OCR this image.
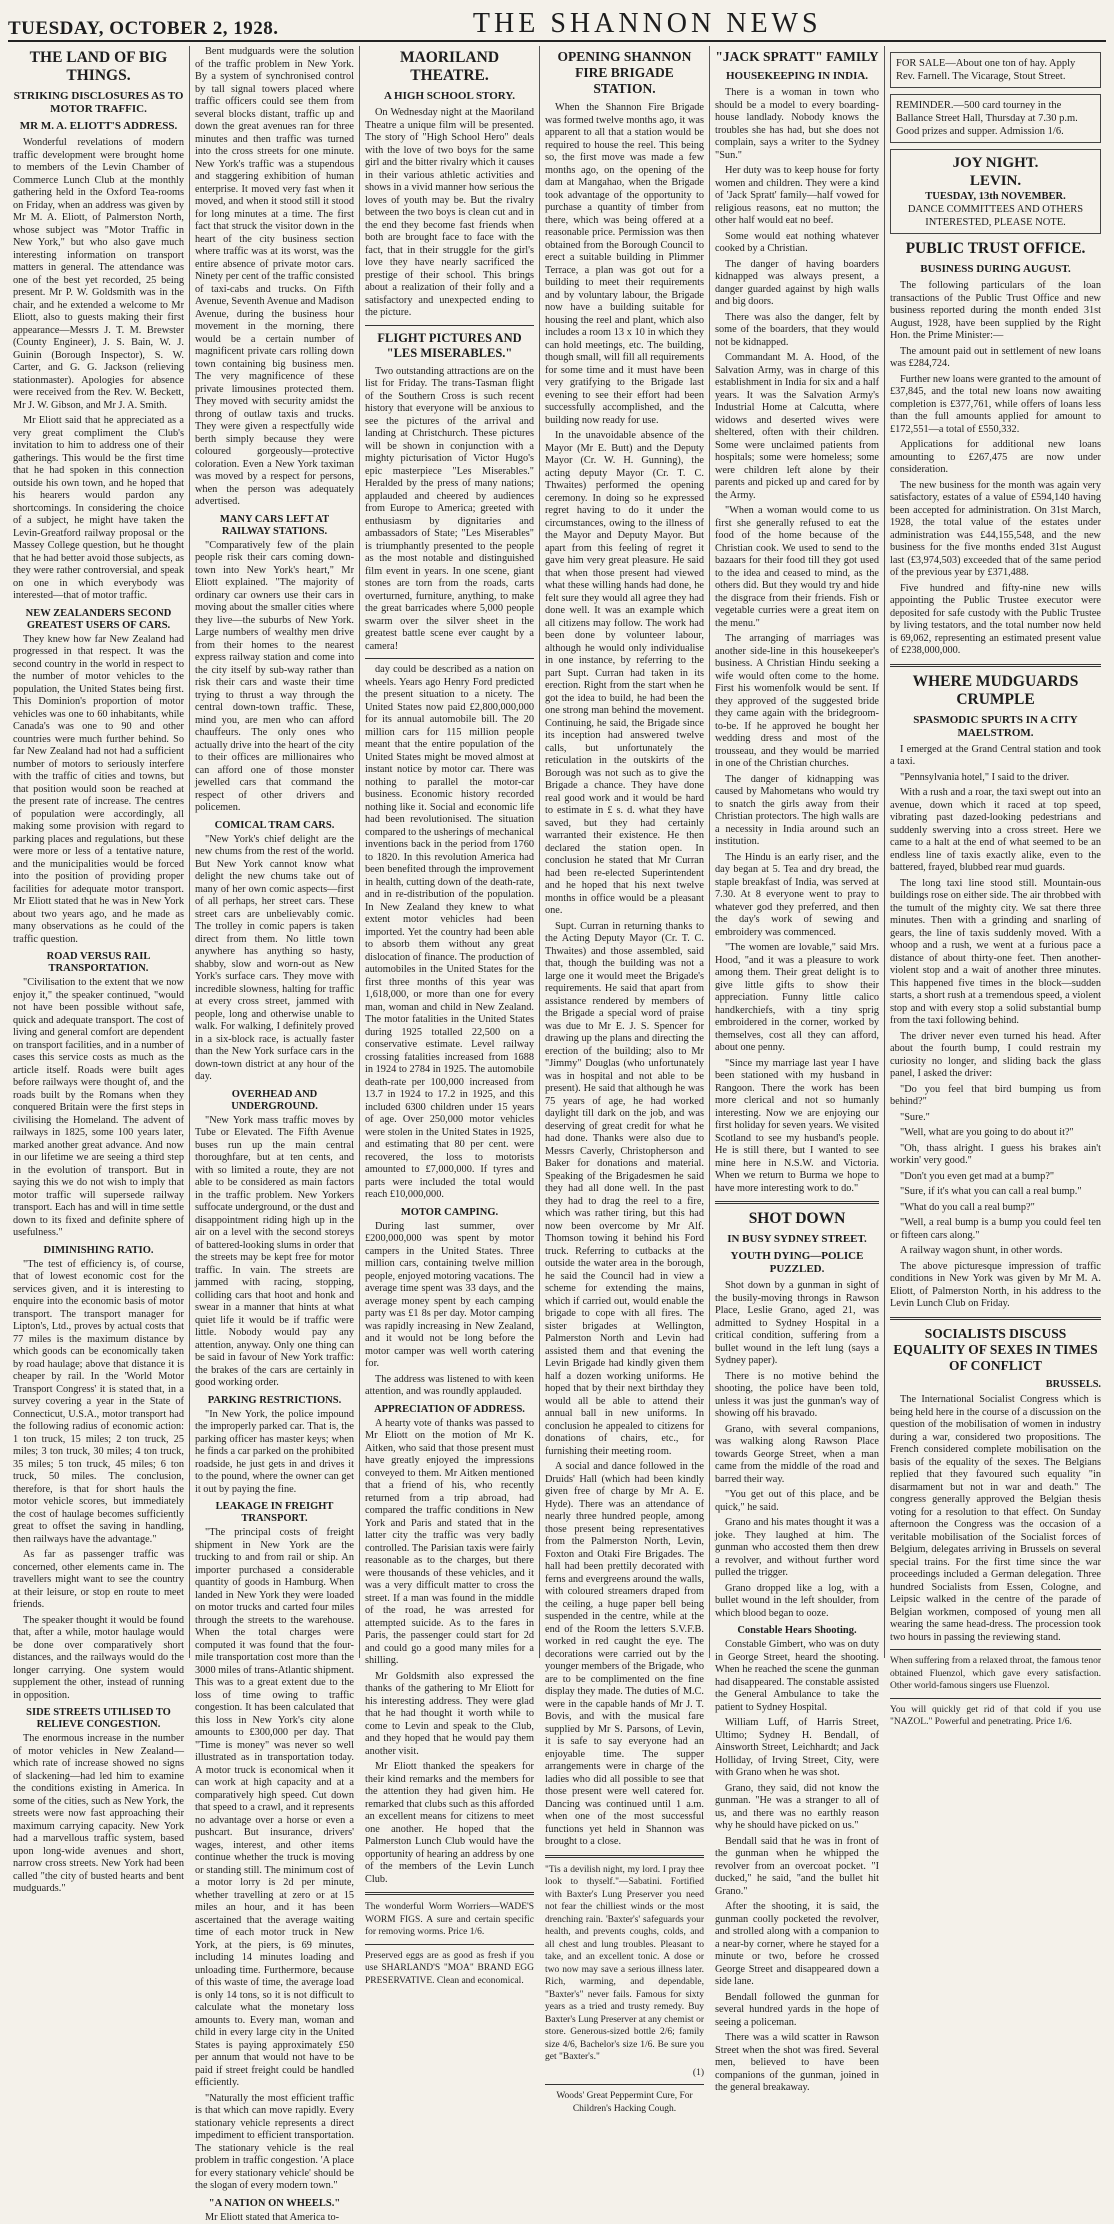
TUESDAY, OCTOBER 2, 1928.	THE SHANNON NEWS
THE LAND OF BIG THINGS.
STRIKING DISCLOSURES AS TO MOTOR TRAFFIC.
MR M. A. ELIOTT'S ADDRESS.

Wonderful revelations of modern traffic development were brought home to members of the Levin Chamber of Commerce Lunch Club at the monthly gathering held in the Oxford Tea-rooms on Friday, when an address was given by Mr M. A. Eliott, of Palmerston North, whose subject was "Motor Traffic in New York," but who also gave much interesting information on transport matters in general. The attendance was one of the best yet recorded, 25 being present. Mr P. W. Goldsmith was in the chair, and he extended a welcome to Mr Eliott, also to guests making their first appearance—Messrs J. T. M. Brewster (County Engineer), J. S. Bain, W. J. Guinin (Borough Inspector), S. W. Carter, and G. G. Jackson (relieving stationmaster). Apologies for absence were received from the Rev. W. Beckett, Mr J. W. Gibson, and Mr J. A. Smith.

Mr Eliott said that he appreciated as a very great compliment the Club's invitation to him to address one of their gatherings. This would be the first time that he had spoken in this connection outside his own town, and he hoped that his hearers would pardon any shortcomings. In considering the choice of a subject, he might have taken the Levin-Greatford railway proposal or the Massey College question, but he thought that he had better avoid those subjects, as they were rather controversial, and speak on one in which everybody was interested—that of motor traffic.

NEW ZEALANDERS SECOND GREATEST USERS OF CARS.

They knew how far New Zealand had progressed in that respect. It was the second country in the world in respect to the number of motor vehicles to the population, the United States being first. This Dominion's proportion of motor vehicles was one to 60 inhabitants, while Canada's was one to 90 and other countries were much further behind. So far New Zealand had not had a sufficient number of motors to seriously interfere with the traffic of cities and towns, but that position would soon be reached at the present rate of increase. The centres of population were accordingly, all making some provision with regard to parking places and regulations, but these were more or less of a tentative nature, and the municipalities would be forced into the position of providing proper facilities for adequate motor transport. Mr Eliott stated that he was in New York about two years ago, and he made as many observations as he could of the traffic question.

ROAD VERSUS RAIL TRANSPORTATION.

"Civilisation to the extent that we now enjoy it," the speaker continued, "would not have been possible without safe, quick and adequate transport. The cost of living and general comfort are dependent on transport facilities, and in a number of cases this service costs as much as the article itself. Roads were built ages before railways were thought of, and the roads built by the Romans when they conquered Britain were the first steps in civilising the Homeland. The advent of railways in 1825, some 100 years later, marked another great advance. And now in our lifetime we are seeing a third step in the evolution of transport. But in saying this we do not wish to imply that motor traffic will supersede railway transport. Each has and will in time settle down to its fixed and definite sphere of usefulness."

DIMINISHING RATIO.

"The test of efficiency is, of course, that of lowest economic cost for the services given, and it is interesting to enquire into the economic basis of motor transport. The transport manager for Lipton's, Ltd., proves by actual costs that 77 miles is the maximum distance by which goods can be economically taken by road haulage; above that distance it is cheaper by rail. In the 'World Motor Transport Congress' it is stated that, in a survey covering a year in the State of Connecticut, U.S.A., motor transport had the following radius of economic action: 1 ton truck, 15 miles; 2 ton truck, 25 miles; 3 ton truck, 30 miles; 4 ton truck, 35 miles; 5 ton truck, 45 miles; 6 ton truck, 50 miles. The conclusion, therefore, is that for short hauls the motor vehicle scores, but immediately the cost of haulage becomes sufficiently great to offset the saving in handling, then railways have the advantage."

As far as passenger traffic was concerned, other elements came in. The travellers might want to see the country at their leisure, or stop en route to meet friends.

The speaker thought it would be found that, after a while, motor haulage would be done over comparatively short distances, and the railways would do the longer carrying. One system would supplement the other, instead of running in opposition.

SIDE STREETS UTILISED TO RELIEVE CONGESTION.

The enormous increase in the number of motor vehicles in New Zealand—which rate of increase showed no signs of slackening—had led him to examine the conditions existing in America. In some of the cities, such as New York, the streets were now fast approaching their maximum carrying capacity. New York had a marvellous traffic system, based upon long-wide avenues and short, narrow cross streets. New York had been called "the city of busted hearts and bent mudguards."

Bent mudguards were the solution of the traffic problem in New York. By a system of synchronised control by tall signal towers placed where traffic officers could see them from several blocks distant, traffic up and down the great avenues ran for three minutes and then traffic was turned into the cross streets for one minute. New York's traffic was a stupendous and staggering exhibition of human enterprise. It moved very fast when it moved, and when it stood still it stood for long minutes at a time. The first fact that struck the visitor down in the heart of the city business section where traffic was at its worst, was the entire absence of private motor cars. Ninety per cent of the traffic consisted of taxi-cabs and trucks. On Fifth Avenue, Seventh Avenue and Madison Avenue, during the business hour movement in the morning, there would be a certain number of magnificent private cars rolling down town containing big business men. The very magnificence of these private limousines protected them. They moved with security amidst the throng of outlaw taxis and trucks. They were given a respectfully wide berth simply because they were coloured gorgeously—protective coloration. Even a New York taximan was moved by a respect for persons, when the person was adequately advertised.

MANY CARS LEFT AT RAILWAY STATIONS.

"Comparatively few of the plain people risk their cars coming down-town into New York's heart," Mr Eliott explained. "The majority of ordinary car owners use their cars in moving about the smaller cities where they live—the suburbs of New York. Large numbers of wealthy men drive from their homes to the nearest express railway station and come into the city itself by sub-way rather than risk their cars and waste their time trying to thrust a way through the central down-town traffic. These, mind you, are men who can afford chauffeurs. The only ones who actually drive into the heart of the city to their offices are millionaires who can afford one of those monster jewelled cars that command the respect of other drivers and policemen.

COMICAL TRAM CARS.

"New York's chief delight are the new chums from the rest of the world. But New York cannot know what delight the new chums take out of many of her own comic aspects—first of all perhaps, her street cars. These street cars are unbelievably comic. The trolley in comic papers is taken direct from them. No little town anywhere has anything so hasty, shabby, slow and worn-out as New York's surface cars. They move with incredible slowness, halting for traffic at every cross street, jammed with people, long and otherwise unable to walk. For walking, I definitely proved in a six-block race, is actually faster than the New York surface cars in the down-town district at any hour of the day.

OVERHEAD AND UNDERGROUND.

"New York mass traffic moves by Tube or Elevated. The Fifth Avenue buses run up the main central thoroughfare, but at ten cents, and with so limited a route, they are not able to be considered as main factors in the traffic problem. New Yorkers suffocate underground, or the dust and disappointment riding high up in the air on a level with the second storeys of battered-looking slums in order that the streets may be kept free for motor traffic. In vain. The streets are jammed with racing, stopping, colliding cars that hoot and honk and swear in a manner that hints at what quiet life it would be if traffic were little. Nobody would pay any attention, anyway. Only one thing can be said in favour of New York traffic: the brakes of the cars are certainly in good working order.

PARKING RESTRICTIONS.

"In New York, the police impound the improperly parked car. That is, the parking officer has master keys; when he finds a car parked on the prohibited roadside, he just gets in and drives it to the pound, where the owner can get it out by paying the fine.

LEAKAGE IN FREIGHT TRANSPORT.

"The principal costs of freight shipment in New York are the trucking to and from rail or ship. An importer purchased a considerable quantity of goods in Hamburg. When landed in New York they were loaded on motor trucks and carted four miles through the streets to the warehouse. When the total charges were computed it was found that the four-mile transportation cost more than the 3000 miles of trans-Atlantic shipment. This was to a great extent due to the loss of time owing to traffic congestion. It has been calculated that this loss in New York's city alone amounts to £300,000 per day. That "Time is money" was never so well illustrated as in transportation today. A motor truck is economical when it can work at high capacity and at a comparatively high speed. Cut down that speed to a crawl, and it represents no advantage over a horse or even a pushcart. But insurance, drivers' wages, interest, and other items continue whether the truck is moving or standing still. The minimum cost of a motor lorry is 2d per minute, whether travelling at zero or at 15 miles an hour, and it has been ascertained that the average waiting time of each motor truck in New York, at the piers, is 69 minutes, including 14 minutes loading and unloading time. Furthermore, because of this waste of time, the average load is only 14 tons, so it is not difficult to calculate what the monetary loss amounts to. Every man, woman and child in every large city in the United States is paying approximately £50 per annum that would not have to be paid if street freight could be handled efficiently.

"Naturally the most efficient traffic is that which can move rapidly. Every stationary vehicle represents a direct impediment to efficient transportation. The stationary vehicle is the real problem in traffic congestion. 'A place for every stationary vehicle' should be the slogan of every modern town."

"A NATION ON WHEELS."

Mr Eliott stated that America to-

MAORILAND THEATRE.
A HIGH SCHOOL STORY.

On Wednesday night at the Maoriland Theatre a unique film will be presented. The story of "High School Hero" deals with the love of two boys for the same girl and the bitter rivalry which it causes in their various athletic activities and shows in a vivid manner how serious the loves of youth may be. But the rivalry between the two boys is clean cut and in the end they become fast friends when both are brought face to face with the fact, that in their struggle for the girl's love they have nearly sacrificed the prestige of their school. This brings about a realization of their folly and a satisfactory and unexpected ending to the picture.

FLIGHT PICTURES AND "LES MISERABLES."

Two outstanding attractions are on the list for Friday. The trans-Tasman flight of the Southern Cross is such recent history that everyone will be anxious to see the pictures of the arrival and landing at Christchurch. These pictures will be shown in conjunction with a mighty picturisation of Victor Hugo's epic masterpiece "Les Miserables." Heralded by the press of many nations; applauded and cheered by audiences from Europe to America; greeted with enthusiasm by dignitaries and ambassadors of State; "Les Miserables" is triumphantly presented to the people as the most notable and distinguished film event in years. In one scene, giant stones are torn from the roads, carts overturned, furniture, anything, to make the great barricades where 5,000 people swarm over the silver sheet in the greatest battle scene ever caught by a camera!

day could be described as a nation on wheels. Years ago Henry Ford predicted the present situation to a nicety. The United States now paid £2,800,000,000 for its annual automobile bill. The 20 million cars for 115 million people meant that the entire population of the United States might be moved almost at instant notice by motor car. There was nothing to parallel the motor-car business. Economic history recorded nothing like it. Social and economic life had been revolutionised. The situation compared to the usherings of mechanical inventions back in the period from 1760 to 1820. In this revolution America had been benefited through the improvement in health, cutting down of the death-rate, and in re-distribution of the population. In New Zealand they knew to what extent motor vehicles had been imported. Yet the country had been able to absorb them without any great dislocation of finance. The production of automobiles in the United States for the first three months of this year was 1,618,000, or more than one for every man, woman and child in New Zealand. The motor fatalities in the United States during 1925 totalled 22,500 on a conservative estimate. Level railway crossing fatalities increased from 1688 in 1924 to 2784 in 1925. The automobile death-rate per 100,000 increased from 13.7 in 1924 to 17.2 in 1925, and this included 6300 children under 15 years of age. Over 250,000 motor vehicles were stolen in the United States in 1925, and estimating that 80 per cent. were recovered, the loss to motorists amounted to £7,000,000. If tyres and parts were included the total would reach £10,000,000.

MOTOR CAMPING.

During last summer, over £200,000,000 was spent by motor campers in the United States. Three million cars, containing twelve million people, enjoyed motoring vacations. The average time spent was 33 days, and the average money spent by each camping party was £1 8s per day. Motor camping was rapidly increasing in New Zealand, and it would not be long before the motor camper was well worth catering for.

The address was listened to with keen attention, and was roundly applauded.

APPRECIATION OF ADDRESS.

A hearty vote of thanks was passed to Mr Eliott on the motion of Mr K. Aitken, who said that those present must have greatly enjoyed the impressions conveyed to them. Mr Aitken mentioned that a friend of his, who recently returned from a trip abroad, had compared the traffic conditions in New York and Paris and stated that in the latter city the traffic was very badly controlled. The Parisian taxis were fairly reasonable as to the charges, but there were thousands of these vehicles, and it was a very difficult matter to cross the street. If a man was found in the middle of the road, he was arrested for attempted suicide. As to the fares in Paris, the passenger could start for 2d and could go a good many miles for a shilling.

Mr Goldsmith also expressed the thanks of the gathering to Mr Eliott for his interesting address. They were glad that he had thought it worth while to come to Levin and speak to the Club, and they hoped that he would pay them another visit.

Mr Eliott thanked the speakers for their kind remarks and the members for the attention they had given him. He remarked that clubs such as this afforded an excellent means for citizens to meet one another. He hoped that the Palmerston Lunch Club would have the opportunity of hearing an address by one of the members of the Levin Lunch Club.

The wonderful Worm Worriers—WADE'S WORM FIGS. A sure and certain specific for removing worms. Price 1/6.

Preserved eggs are as good as fresh if you use SHARLAND'S "MOA" BRAND EGG PRESERVATIVE. Clean and economical.

OPENING SHANNON FIRE BRIGADE STATION.

When the Shannon Fire Brigade was formed twelve months ago, it was apparent to all that a station would be required to house the reel. This being so, the first move was made a few months ago, on the opening of the dam at Mangahao, when the Brigade took advantage of the opportunity to purchase a quantity of timber from there, which was being offered at a reasonable price. Permission was then obtained from the Borough Council to erect a suitable building in Plimmer Terrace, a plan was got out for a building to meet their requirements and by voluntary labour, the Brigade now have a building suitable for housing the reel and plant, which also includes a room 13 x 10 in which they can hold meetings, etc. The building, though small, will fill all requirements for some time and it must have been very gratifying to the Brigade last evening to see their effort had been successfully accomplished, and the building now ready for use.

In the unavoidable absence of the Mayor (Mr E. Butt) and the Deputy Mayor (Cr. W. H. Gunning), the acting deputy Mayor (Cr. T. C. Thwaites) performed the opening ceremony. In doing so he expressed regret having to do it under the circumstances, owing to the illness of the Mayor and Deputy Mayor. But apart from this feeling of regret it gave him very great pleasure. He said that when those present had viewed what these willing hands had done, he felt sure they would all agree they had done well. It was an example which all citizens may follow. The work had been done by volunteer labour, although he would only individualise in one instance, by referring to the part Supt. Curran had taken in its erection. Right from the start when he got the idea to build, he had been the one strong man behind the movement. Continuing, he said, the Brigade since its inception had answered twelve calls, but unfortunately the reticulation in the outskirts of the Borough was not such as to give the Brigade a chance. They have done real good work and it would be hard to estimate in £ s. d. what they have saved, but they had certainly warranted their existence. He then declared the station open. In conclusion he stated that Mr Curran had been re-elected Superintendent and he hoped that his next twelve months in office would be a pleasant one.

Supt. Curran in returning thanks to the Acting Deputy Mayor (Cr. T. C. Thwaites) and those assembled, said that, though the building was not a large one it would meet the Brigade's requirements. He said that apart from assistance rendered by members of the Brigade a special word of praise was due to Mr E. J. S. Spencer for drawing up the plans and directing the erection of the building; also to Mr "Jimmy" Douglas (who unfortunately was in hospital and not able to be present). He said that although he was 75 years of age, he had worked daylight till dark on the job, and was deserving of great credit for what he had done. Thanks were also due to Messrs Caverly, Christopherson and Baker for donations and material. Speaking of the Brigadesmen he said they had all done well. In the past they had to drag the reel to a fire, which was rather tiring, but this had now been overcome by Mr Alf. Thomson towing it behind his Ford truck. Referring to cutbacks at the outside the water area in the borough, he said the Council had in view a scheme for extending the mains, which if carried out, would enable the brigade to cope with all fires. The sister brigades at Wellington, Palmerston North and Levin had assisted them and that evening the Levin Brigade had kindly given them half a dozen working uniforms. He hoped that by their next birthday they would all be able to attend their annual ball in new uniforms. In conclusion he appealed to citizens for donations of chairs, etc., for furnishing their meeting room.

A social and dance followed in the Druids' Hall (which had been kindly given free of charge by Mr A. E. Hyde). There was an attendance of nearly three hundred people, among those present being representatives from the Palmerston North, Levin, Foxton and Otaki Fire Brigades. The hall had been prettily decorated with ferns and evergreens around the walls, with coloured streamers draped from the ceiling, a huge paper bell being suspended in the centre, while at the end of the Room the letters S.V.F.B. worked in red caught the eye. The decorations were carried out by the younger members of the Brigade, who are to be complimented on the fine display they made. The duties of M.C. were in the capable hands of Mr J. T. Bovis, and with the musical fare supplied by Mr S. Parsons, of Levin, it is safe to say everyone had an enjoyable time. The supper arrangements were in charge of the ladies who did all possible to see that those present were well catered for. Dancing was continued until 1 a.m. when one of the most successful functions yet held in Shannon was brought to a close.

"Tis a devilish night, my lord. I pray thee look to thyself."—Sabatini. Fortified with Baxter's Lung Preserver you need not fear the chilliest winds or the most drenching rain. 'Baxter's' safeguards your health, and prevents coughs, colds, and all chest and lung troubles. Pleasant to take, and an excellent tonic. A dose or two now may save a serious illness later. Rich, warming, and dependable, "Baxter's" never fails. Famous for sixty years as a tried and trusty remedy. Buy Baxter's Lung Preserver at any chemist or store. Generous-sized bottle 2/6; family size 4/6, Bachelor's size 1/6. Be sure you get "Baxter's."

(1)

Woods' Great Peppermint Cure, For Children's Hacking Cough.

"JACK SPRATT" FAMILY
HOUSEKEEPING IN INDIA.

There is a woman in town who should be a model to every boarding-house landlady. Nobody knows the troubles she has had, but she does not complain, says a writer to the Sydney "Sun."

Her duty was to keep house for forty women and children. They were a kind of 'Jack Spratt' family—half vowed for religious reasons, eat no mutton; the other half would eat no beef.

Some would eat nothing whatever cooked by a Christian.

The danger of having boarders kidnapped was always present, a danger guarded against by high walls and big doors.

There was also the danger, felt by some of the boarders, that they would not be kidnapped.

Commandant M. A. Hood, of the Salvation Army, was in charge of this establishment in India for six and a half years. It was the Salvation Army's Industrial Home at Calcutta, where widows and deserted wives were sheltered, often with their children. Some were unclaimed patients from hospitals; some were homeless; some were children left alone by their parents and picked up and cared for by the Army.

"When a woman would come to us first she generally refused to eat the food of the home because of the Christian cook. We used to send to the bazaars for their food till they got used to the idea and ceased to mind, as the others did. But they would try and hide the disgrace from their friends. Fish or vegetable curries were a great item on the menu."

The arranging of marriages was another side-line in this housekeeper's business. A Christian Hindu seeking a wife would often come to the home. First his womenfolk would be sent. If they approved of the suggested bride they came again with the bridegroom-to-be. If he approved he bought her wedding dress and most of the trousseau, and they would be married in one of the Christian churches.

The danger of kidnapping was caused by Mahometans who would try to snatch the girls away from their Christian protectors. The high walls are a necessity in India around such an institution.

The Hindu is an early riser, and the day began at 5. Tea and dry bread, the staple breakfast of India, was served at 7.30. At 8 everyone went to pray to whatever god they preferred, and then the day's work of sewing and embroidery was commenced.

"The women are lovable," said Mrs. Hood, "and it was a pleasure to work among them. Their great delight is to give little gifts to show their appreciation. Funny little calico handkerchiefs, with a tiny sprig embroidered in the corner, worked by themselves, cost all they can afford, about one penny.

"Since my marriage last year I have been stationed with my husband in Rangoon. There the work has been more clerical and not so humanly interesting. Now we are enjoying our first holiday for seven years. We visited Scotland to see my husband's people. He is still there, but I wanted to see mine here in N.S.W. and Victoria. When we return to Burma we hope to have more interesting work to do."

SHOT DOWN
IN BUSY SYDNEY STREET.
YOUTH DYING—POLICE PUZZLED.

Shot down by a gunman in sight of the busily-moving throngs in Rawson Place, Leslie Grano, aged 21, was admitted to Sydney Hospital in a critical condition, suffering from a bullet wound in the left lung (says a Sydney paper).

There is no motive behind the shooting, the police have been told, unless it was just the gunman's way of showing off his bravado.

Grano, with several companions, was walking along Rawson Place towards George Street, when a man came from the middle of the road and barred their way.

"You get out of this place, and be quick," he said.

Grano and his mates thought it was a joke. They laughed at him. The gunman who accosted them then drew a revolver, and without further word pulled the trigger.

Grano dropped like a log, with a bullet wound in the left shoulder, from which blood began to ooze.

Constable Hears Shooting.

Constable Gimbert, who was on duty in George Street, heard the shooting. When he reached the scene the gunman had disappeared. The constable assisted the General Ambulance to take the patient to Sydney Hospital.

William Luff, of Harris Street, Ultimo; Sydney H. Bendall, of Ainsworth Street, Leichhardt; and Jack Holliday, of Irving Street, City, were with Grano when he was shot.

Grano, they said, did not know the gunman. "He was a stranger to all of us, and there was no earthly reason why he should have picked on us."

Bendall said that he was in front of the gunman when he whipped the revolver from an overcoat pocket. "I ducked," he said, "and the bullet hit Grano."

After the shooting, it is said, the gunman coolly pocketed the revolver, and strolled along with a companion to a near-by corner, where he stayed for a minute or two, before he crossed George Street and disappeared down a side lane.

Bendall followed the gunman for several hundred yards in the hope of seeing a policeman.

There was a wild scatter in Rawson Street when the shot was fired. Several men, believed to have been companions of the gunman, joined in the general breakaway.

FOR SALE—About one ton of hay. Apply Rev. Farnell. The Vicarage, Stout Street.

REMINDER.—500 card tourney in the Ballance Street Hall, Thursday at 7.30 p.m. Good prizes and supper. Admission 1/6.

JOY NIGHT.
LEVIN.
TUESDAY, 13th NOVEMBER.
DANCE COMMITTEES AND OTHERS INTERESTED, PLEASE NOTE.
PUBLIC TRUST OFFICE.
BUSINESS DURING AUGUST.

The following particulars of the loan transactions of the Public Trust Office and new business reported during the month ended 31st August, 1928, have been supplied by the Right Hon. the Prime Minister:—

The amount paid out in settlement of new loans was £284,724.

Further new loans were granted to the amount of £37,845, and the total new loans now awaiting completion is £377,761, while offers of loans less than the full amounts applied for amount to £172,551—a total of £550,332.

Applications for additional new loans amounting to £267,475 are now under consideration.

The new business for the month was again very satisfactory, estates of a value of £594,140 having been accepted for administration. On 31st March, 1928, the total value of the estates under administration was £44,155,548, and the new business for the five months ended 31st August last (£3,974,503) exceeded that of the same period of the previous year by £371,488.

Five hundred and fifty-nine new wills appointing the Public Trustee executor were deposited for safe custody with the Public Trustee by living testators, and the total number now held is 69,062, representing an estimated present value of £238,000,000.

WHERE MUDGUARDS CRUMPLE
SPASMODIC SPURTS IN A CITY MAELSTROM.

I emerged at the Grand Central station and took a taxi.

"Pennsylvania hotel," I said to the driver.

With a rush and a roar, the taxi swept out into an avenue, down which it raced at top speed, vibrating past dazed-looking pedestrians and suddenly swerving into a cross street. Here we came to a halt at the end of what seemed to be an endless line of taxis exactly alike, even to the battered, frayed, blubbed rear mud guards.

The long taxi line stood still. Mountain-ous buildings rose on either side. The air throbbed with the tumult of the mighty city. We sat there three minutes. Then with a grinding and snarling of gears, the line of taxis suddenly moved. With a whoop and a rush, we went at a furious pace a distance of about thirty-one feet. Then another-violent stop and a wait of another three minutes. This happened five times in the block—sudden starts, a short rush at a tremendous speed, a violent stop and with every stop a solid substantial bump from the taxi following behind.

The driver never even turned his head. After about the fourth bump, I could restrain my curiosity no longer, and sliding back the glass panel, I asked the driver:

"Do you feel that bird bumping us from behind?"

"Sure."

"Well, what are you going to do about it?"

"Oh, thass alright. I guess his brakes ain't workin' very good."

"Don't you even get mad at a bump?"

"Sure, if it's what you can call a real bump."

"What do you call a real bump?"

"Well, a real bump is a bump you could feel ten or fifteen cars along."

A railway wagon shunt, in other words.

The above picturesque impression of traffic conditions in New York was given by Mr M. A. Eliott, of Palmerston North, in his address to the Levin Lunch Club on Friday.

SOCIALISTS DISCUSS EQUALITY OF SEXES IN TIMES OF CONFLICT

BRUSSELS.

The International Socialist Congress which is being held here in the course of a discussion on the question of the mobilisation of women in industry during a war, considered two propositions. The French considered complete mobilisation on the basis of the equality of the sexes. The Belgians replied that they favoured such equality "in disarmament but not in war and death." The congress generally approved the Belgian thesis voting for a resolution to that effect. On Sunday afternoon the Congress was the occasion of a veritable mobilisation of the Socialist forces of Belgium, delegates arriving in Brussels on several special trains. For the first time since the war proceedings included a German delegation. Three hundred Socialists from Essen, Cologne, and Leipsic walked in the centre of the parade of Belgian workmen, composed of young men all wearing the same head-dress. The procession took two hours in passing the reviewing stand.

When suffering from a relaxed throat, the famous tenor obtained Fluenzol, which gave every satisfaction. Other world-famous singers use Fluenzol.

You will quickly get rid of that cold if you use "NAZOL." Powerful and penetrating. Price 1/6.
